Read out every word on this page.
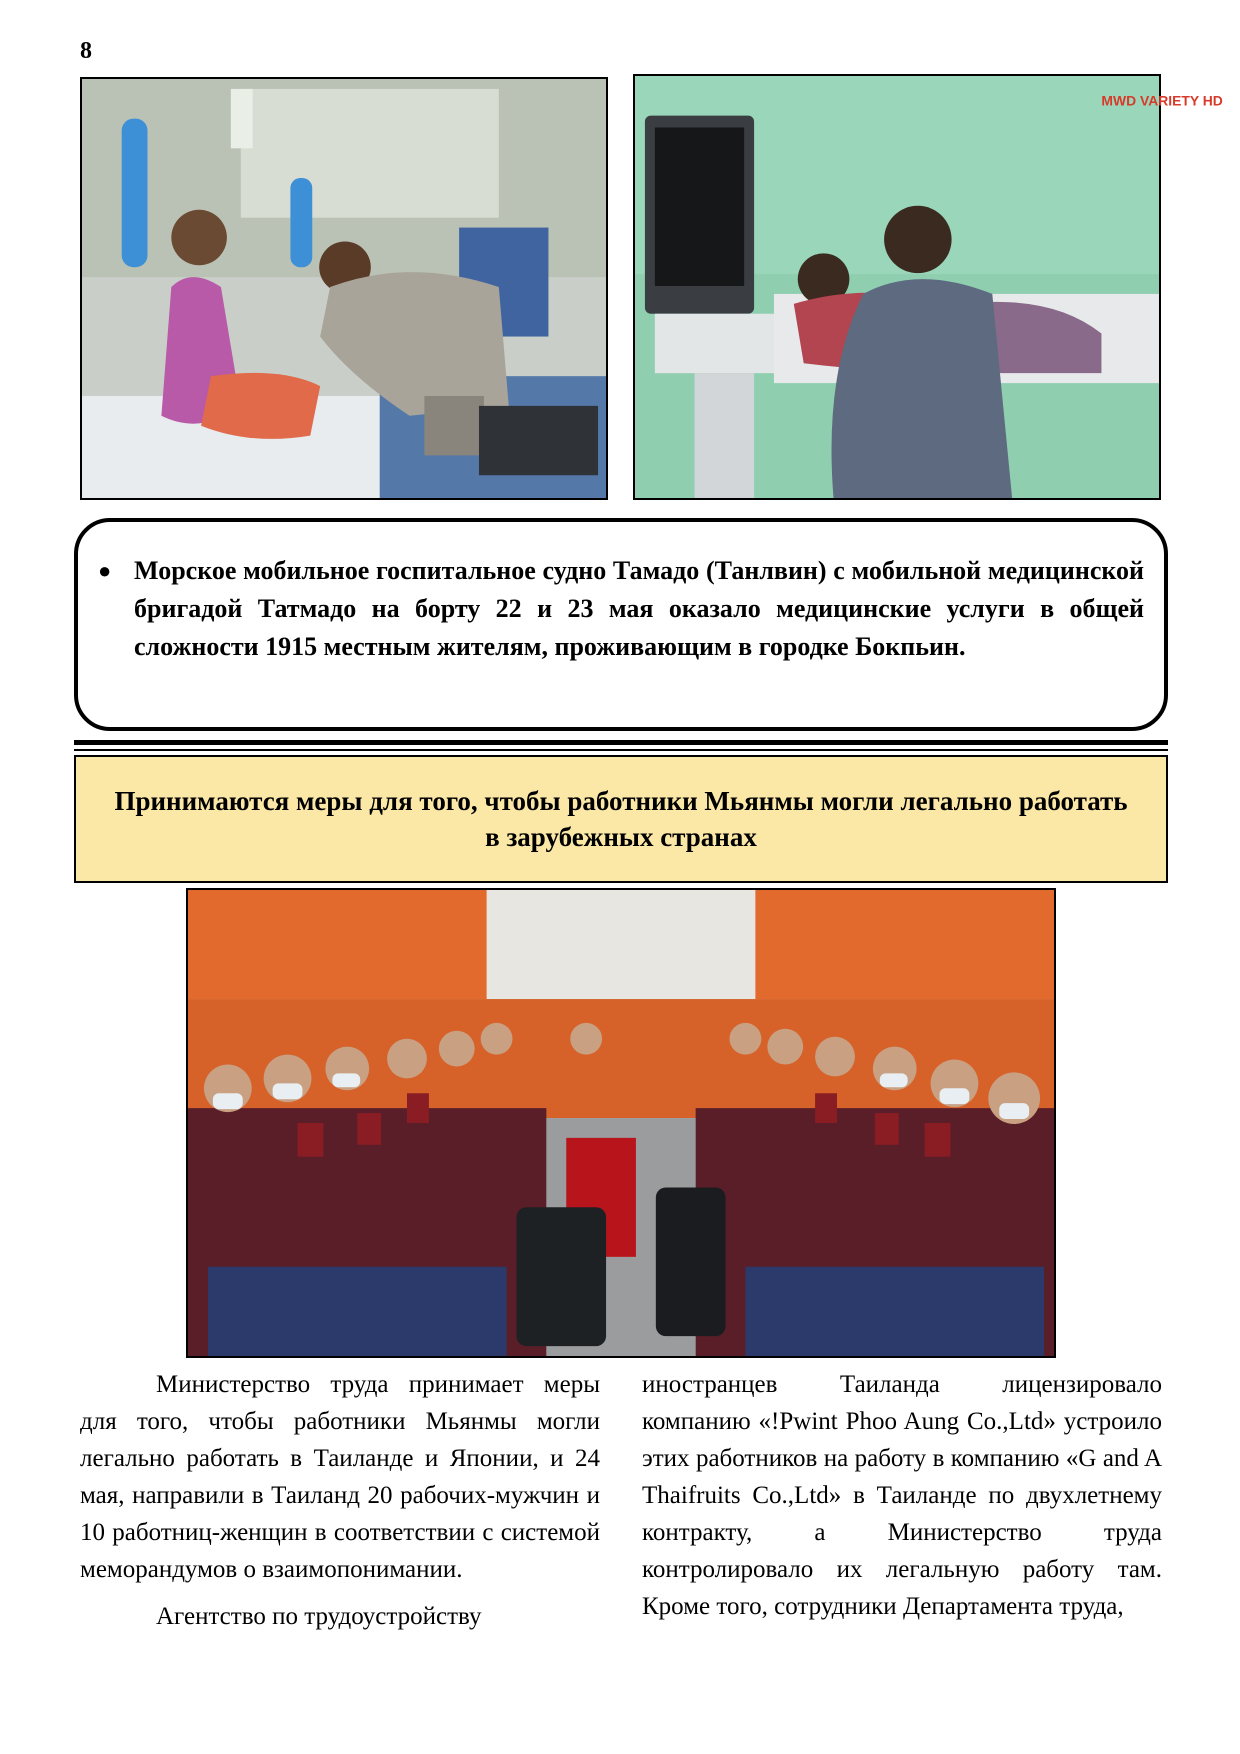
8
MWD VARIETY HD
● Морское мобильное госпитальное судно Тамадо (Танлвин) с мобильной медицинской бригадой Татмадо на борту 22 и 23 мая оказало медицинские услуги в общей сложности 1915 местным жителям, проживающим в городке Бокпьин.
Принимаются меры для того, чтобы работники Мьянмы могли легально работать в зарубежных странах

Министерство труда принимает меры для того, чтобы работники Мьянмы могли легально работать в Таиланде и Японии, и 24 мая, направили в Таиланд 20 рабочих-мужчин и 10 работниц-женщин в соответствии с системой меморандумов о взаимопонимании.

Агентство по трудоустройству

иностранцев Таиланда лицензировало компанию «!Pwint Phoo Aung Co.,Ltd» устроило этих работников на работу в компанию «G and A Thaifruits Co.,Ltd» в Таиланде по двухлетнему контракту, а Министерство труда контролировало их легальную работу там. Кроме того, сотрудники Департамента труда,
